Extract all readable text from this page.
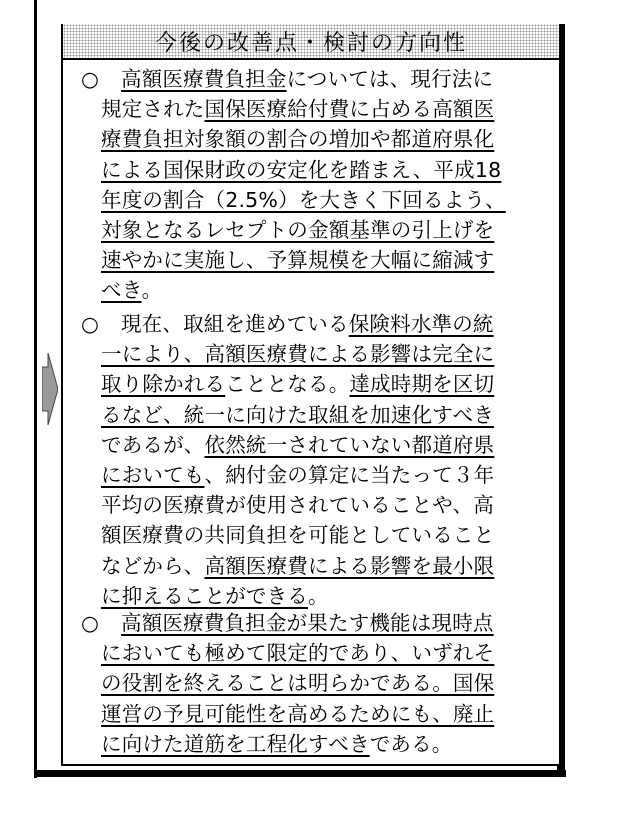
今後の改善点・検討の方向性
○ 高額医療費負担金については、現行法に
規定された国保医療給付費に占める高額医
療費負担対象額の割合の増加や都道府県化
による国保財政の安定化を踏まえ、平成18
年度の割合（2.5%）を大きく下回るよう、
対象となるレセプトの金額基準の引上げを
速やかに実施し、予算規模を大幅に縮減す
べき。
○ 現在、取組を進めている保険料水準の統
一により、高額医療費による影響は完全に
取り除かれることとなる。達成時期を区切
るなど、統一に向けた取組を加速化すべき
であるが、依然統一されていない都道府県
においても、納付金の算定に当たって３年
平均の医療費が使用されていることや、高
額医療費の共同負担を可能としていること
などから、高額医療費による影響を最小限
に抑えることができる。
○ 高額医療費負担金が果たす機能は現時点
においても極めて限定的であり、いずれそ
の役割を終えることは明らかである。国保
運営の予見可能性を高めるためにも、廃止
に向けた道筋を工程化すべきである。
